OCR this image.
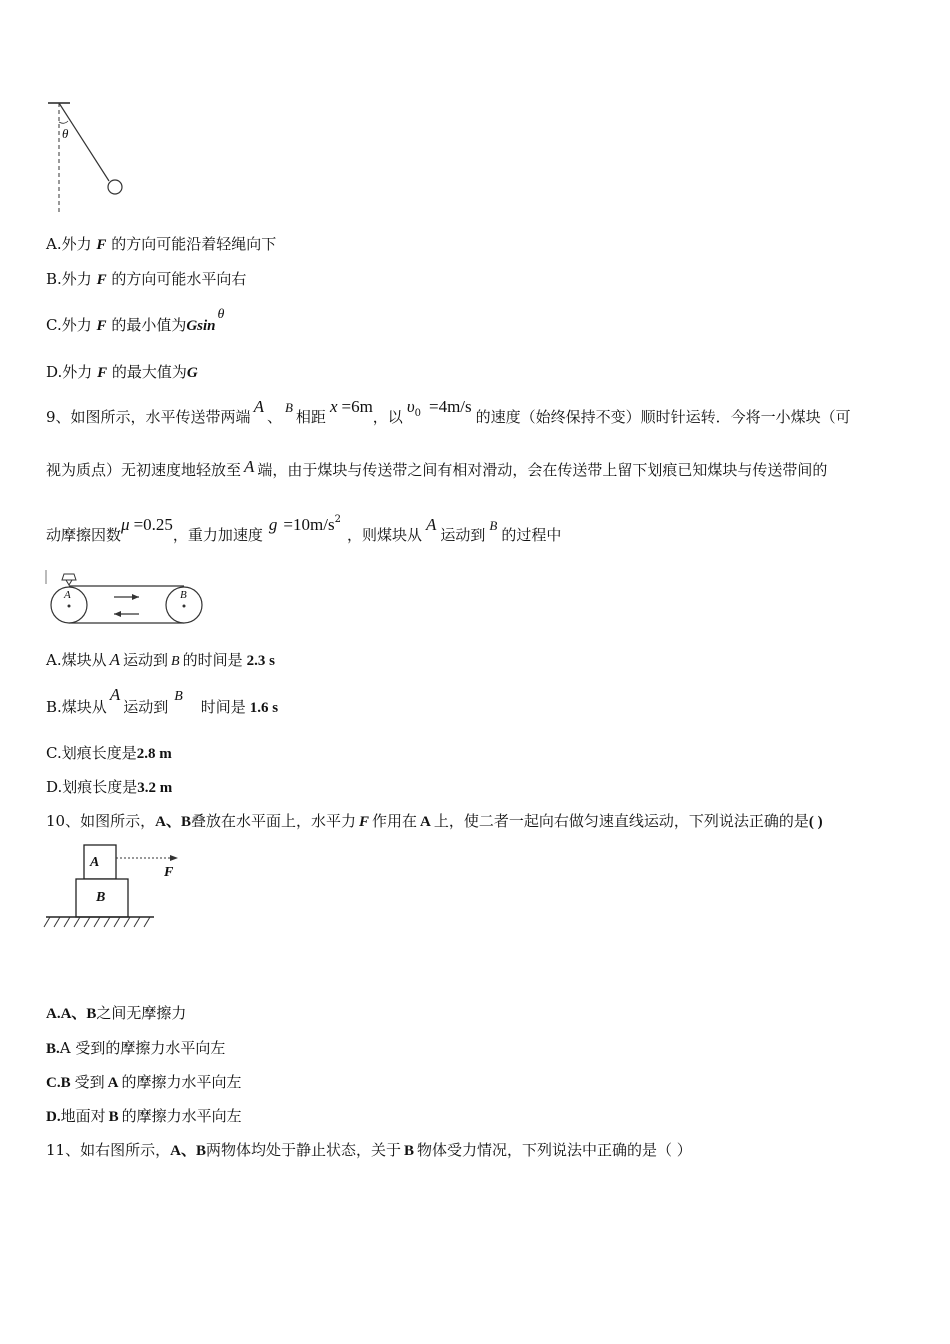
θ
A.外力 F 的方向可能沿着轻绳向下
B.外力 F 的方向可能水平向右
C.外力 F 的最小值为Gsinθ
D.外力 F 的最大值为G
9、如图所示，水平传送带两端A、B相距x =6m，以$\upsilon^0 =4m/s$的速度（始终保持不变）顺时针运转．今将一小煤块（可
视为质点）无初速度地轻放至 A 端，由于煤块与传送带之间有相对滑动，会在传送带上留下划痕已知煤块与传送带间的
动摩擦因数μ =0.25，重力加速度$g =10m/s^2$，则煤块从A运动到B的过程中
A	B
A.煤块从 A 运动到 B 的时间是 2.3 s
B.煤块从A运动到B时间是 1.6 s
C.划痕长度是2.8 m
D.划痕长度是3.2 m
10、如图所示，A、B叠放在水平面上，水平力 F 作用在 A 上，使二者一起向右做匀速直线运动，下列说法正确的是( )
A
B
F
A.A、B之间无摩擦力
B.A 受到的摩擦力水平向左
C.B 受到 A 的摩擦力水平向左
D.地面对 B 的摩擦力水平向左
11、如右图所示，A、B两物体均处于静止状态，关于 B 物体受力情况，下列说法中正确的是（ ）
